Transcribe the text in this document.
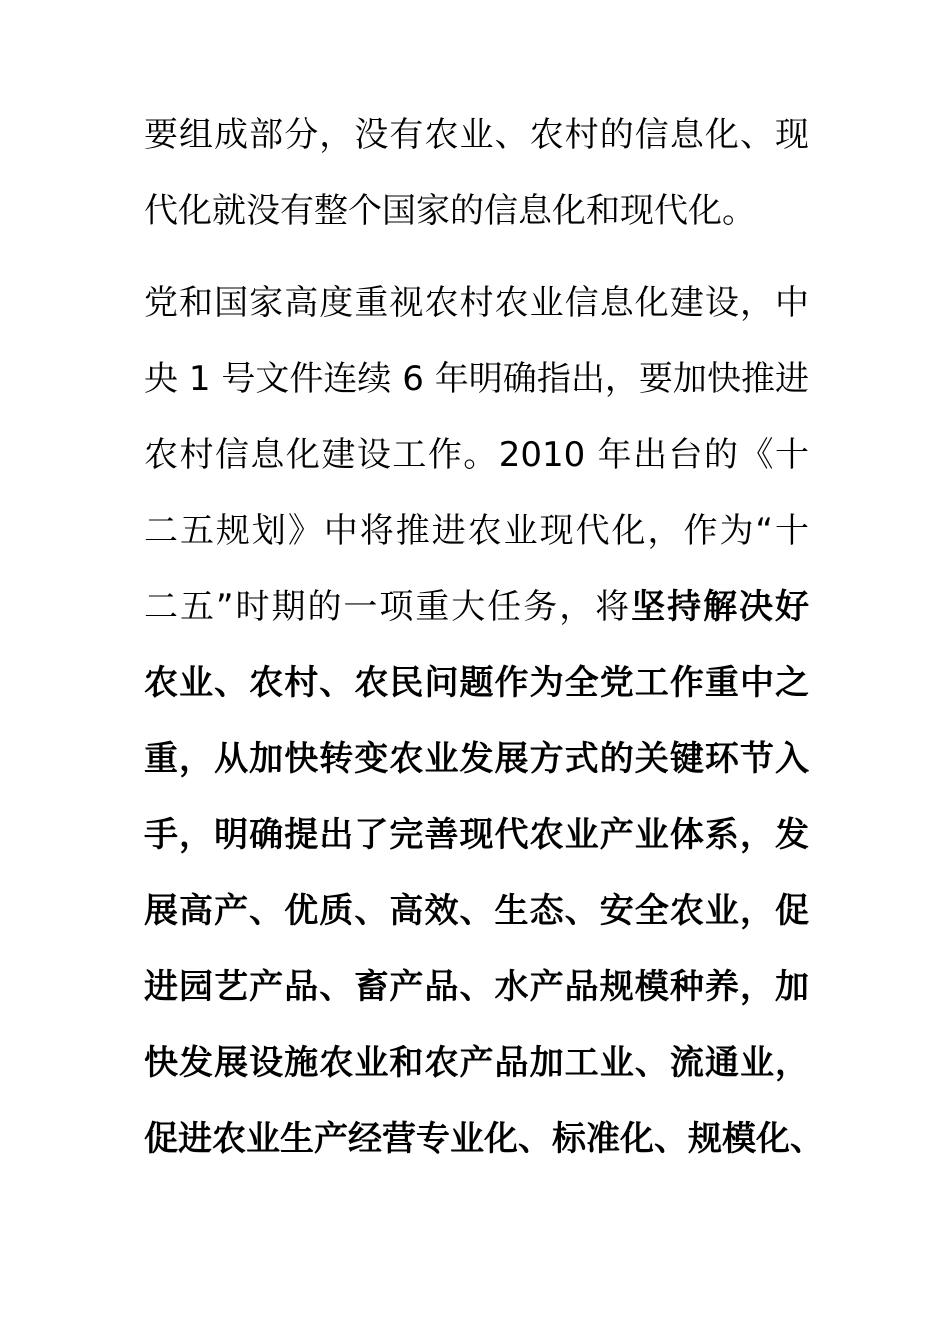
要组成部分，没有农业、农村的信息化、现
代化就没有整个国家的信息化和现代化。
党和国家高度重视农村农业信息化建设，中
央 1 号文件连续 6 年明确指出，要加快推进
农村信息化建设工作。2010 年出台的《十
二五规划》中将推进农业现代化，作为“十
二五”时期的一项重大任务，将坚持解决好
农业、农村、农民问题作为全党工作重中之
重，从加快转变农业发展方式的关键环节入
手，明确提出了完善现代农业产业体系，发
展高产、优质、高效、生态、安全农业，促
进园艺产品、畜产品、水产品规模种养，加
快发展设施农业和农产品加工业、流通业，
促进农业生产经营专业化、标准化、规模化、
